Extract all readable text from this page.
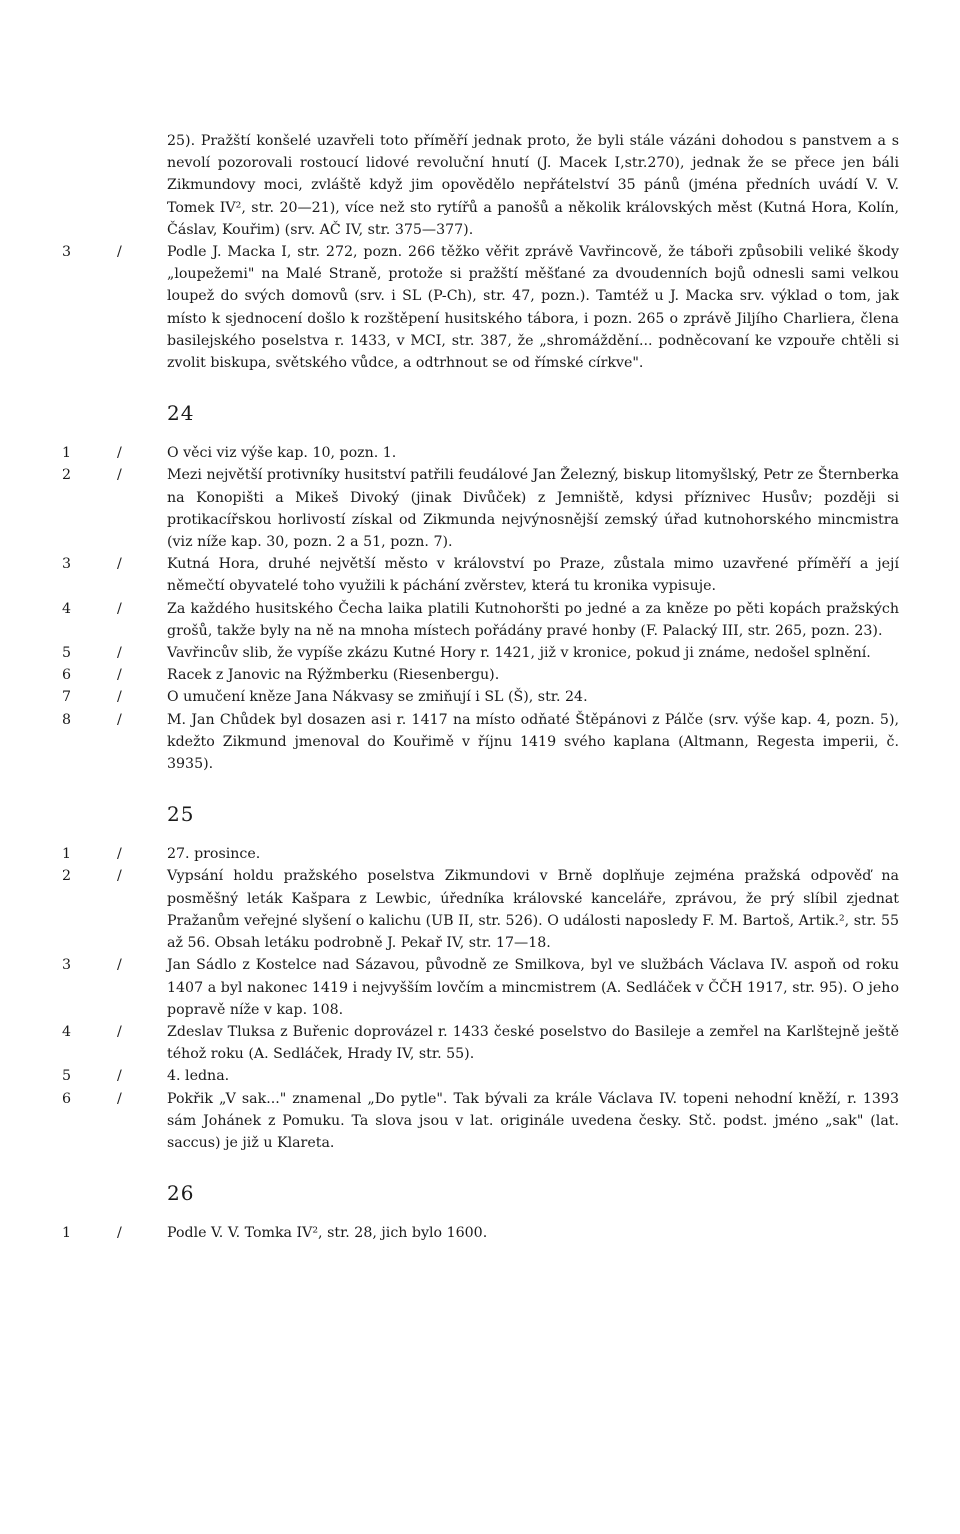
25). Pražští konšelé uzavřeli toto příměří jednak proto, že byli stále vázáni dohodou s panstvem a s nevolí pozorovali rostoucí lidové revoluční hnutí (J. Macek I,str.270), jednak že se přece jen báli Zikmundovy moci, zvláště když jim opovědělo nepřátelství 35 pánů (jména předních uvádí V. V. Tomek IV², str. 20—21), více než sto rytířů a panošů a několik královských měst (Kutná Hora, Kolín, Čáslav, Kouřim) (srv. AČ IV, str. 375—377).
3	/	Podle J. Macka I, str. 272, pozn. 266 těžko věřit zprávě Vavřincově, že táboři způsobili veliké škody „loupežemi" na Malé Straně, protože si pražští měšťané za dvoudenních bojů odnesli sami velkou loupež do svých domovů (srv. i SL (P-Ch), str. 47, pozn.). Tamtéž u J. Macka srv. výklad o tom, jak místo k sjednocení došlo k rozštěpení husitského tábora, i pozn. 265 o zprávě Jiljího Charliera, člena basilejského poselstva r. 1433, v MCI, str. 387, že „shromáždění... podněcovaní ke vzpouře chtěli si zvolit biskupa, světského vůdce, a odtrhnout se od římské církve".
24
1	/	O věci viz výše kap. 10, pozn. 1.
2	/	Mezi největší protivníky husitství patřili feudálové Jan Železný, biskup litomyšlský, Petr ze Šternberka na Konopišti a Mikeš Divoký (jinak Divůček) z Jemniště, kdysi příznivec Husův; později si protikacířskou horlivostí získal od Zikmunda nejvýnosnější zemský úřad kutnohorského mincmistra (viz níže kap. 30, pozn. 2 a 51, pozn. 7).
3	/	Kutná Hora, druhé největší město v království po Praze, zůstala mimo uzavřené příměří a její němečtí obyvatelé toho využili k páchání zvěrstev, která tu kronika vypisuje.
4	/	Za každého husitského Čecha laika platili Kutnohoršti po jedné a za kněze po pěti kopách pražských grošů, takže byly na ně na mnoha místech pořádány pravé honby (F. Palacký III, str. 265, pozn. 23).
5	/	Vavřincův slib, že vypíše zkázu Kutné Hory r. 1421, již v kronice, pokud ji známe, nedošel splnění.
6	/	Racek z Janovic na Rýžmberku (Riesenbergu).
7	/	O umučení kněze Jana Nákvasy se zmiňují i SL (Š), str. 24.
8	/	M. Jan Chůdek byl dosazen asi r. 1417 na místo odňaté Štěpánovi z Pálče (srv. výše kap. 4, pozn. 5), kdežto Zikmund jmenoval do Kouřimě v říjnu 1419 svého kaplana (Altmann, Regesta imperii, č. 3935).
25
1	/	27. prosince.
2	/	Vypsání holdu pražského poselstva Zikmundovi v Brně doplňuje zejména pražská odpověď na posměšný leták Kašpara z Lewbic, úředníka královské kanceláře, zprávou, že prý slíbil zjednat Pražanům veřejné slyšení o kalichu (UB II, str. 526). O události naposledy F. M. Bartoš, Artik.², str. 55 až 56. Obsah letáku podrobně J. Pekař IV, str. 17—18.
3	/	Jan Sádlo z Kostelce nad Sázavou, původně ze Smilkova, byl ve službách Václava IV. aspoň od roku 1407 a byl nakonec 1419 i nejvyšším lovčím a mincmistrem (A. Sedláček v ČČH 1917, str. 95). O jeho popravě níže v kap. 108.
4	/	Zdeslav Tluksa z Buřenic doprovázel r. 1433 české poselstvo do Basileje a zemřel na Karlštejně ještě téhož roku (A. Sedláček, Hrady IV, str. 55).
5	/	4. ledna.
6	/	Pokřik „V sak..." znamenal „Do pytle". Tak bývali za krále Václava IV. topeni nehodní kněží, r. 1393 sám Johánek z Pomuku. Ta slova jsou v lat. originále uvedena česky. Stč. podst. jméno „sak" (lat. saccus) je již u Klareta.
26
1	/	Podle V. V. Tomka IV², str. 28, jich bylo 1600.
